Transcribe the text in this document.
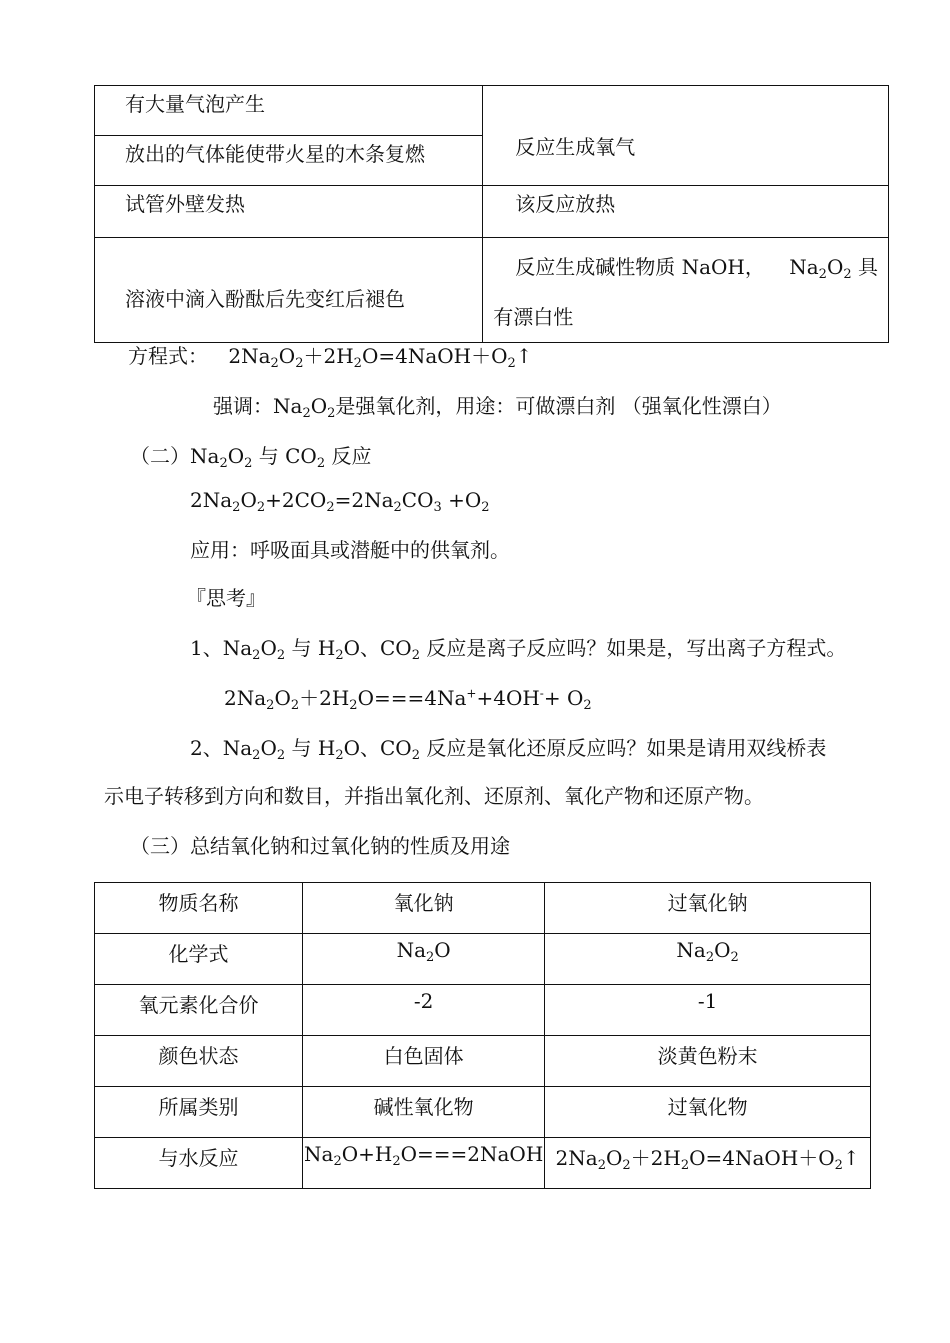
有大量气泡产生	反应生成氧气
放出的气体能使带火星的木条复燃	
试管外壁发热	该反应放热
溶液中滴入酚酞后先变红后褪色	反应生成碱性物质 NaOH， $Na_2O_2$ 具
有漂白性
方程式： $2Na_2O_2+2H_2O=4NaOH+O_2↑$
强调：$Na_2O_2$是强氧化剂，用途：可做漂白剂 （强氧化性漂白）
（二）$Na_2O_2$ 与 $CO_2$ 反应
$2Na_2O_2+2CO_2=2Na_2CO_3 +O_2$
应用：呼吸面具或潜艇中的供氧剂。
『思考』
1、$Na_2O_2$ 与 $H_2O$、$CO_2$ 反应是离子反应吗？如果是，写出离子方程式。
$2Na_2O_2+2H_2O===4Na^++4OH^-+ O_2$
2、$Na_2O_2$ 与 $H_2O$、$CO_2$ 反应是氧化还原反应吗？如果是请用双线桥表
示电子转移到方向和数目，并指出氧化剂、还原剂、氧化产物和还原产物。
（三）总结氧化钠和过氧化钠的性质及用途
物质名称	氧化钠	过氧化钠
化学式	$Na_2O$	$Na_2O_2$
氧元素化合价	-2	-1
颜色状态	白色固体	淡黄色粉末
所属类别	碱性氧化物	过氧化物
与水反应	$Na_2O+H_2O===2NaOH$	$2Na_2O_2+2H_2O=4NaOH+O_2↑$
